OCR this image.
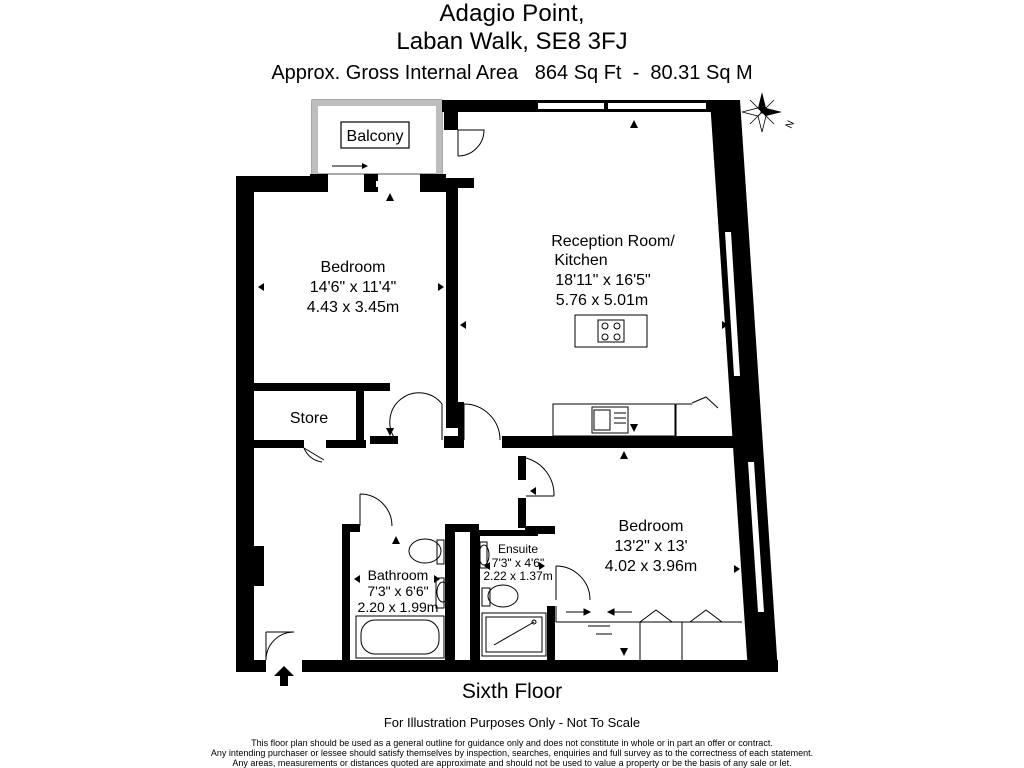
Adagio Point,
Laban Walk, SE8 3FJ
Approx. Gross Internal Area   864 Sq Ft  -  80.31 Sq M
Balcony
N
Reception Room/
Kitchen
18'11" x 16'5"
5.76 x 5.01m
Bedroom
14'6" x 11'4"
4.43 x 3.45m
Store
Bathroom
7'3" x 6'6"
2.20 x 1.99m
Ensuite
7'3" x 4'6"
2.22 x 1.37m
Bedroom
13'2" x 13'
4.02 x 3.96m
Sixth Floor
For Illustration Purposes Only - Not To Scale
This floor plan should be used as a general outline for guidance only and does not constitute in whole or in part an offer or contract.
Any intending purchaser or lessee should satisfy themselves by inspection, searches, enquiries and full survey as to the correctness of each statement.
Any areas, measurements or distances quoted are approximate and should not be used to value a property or be the basis of any sale or let.
